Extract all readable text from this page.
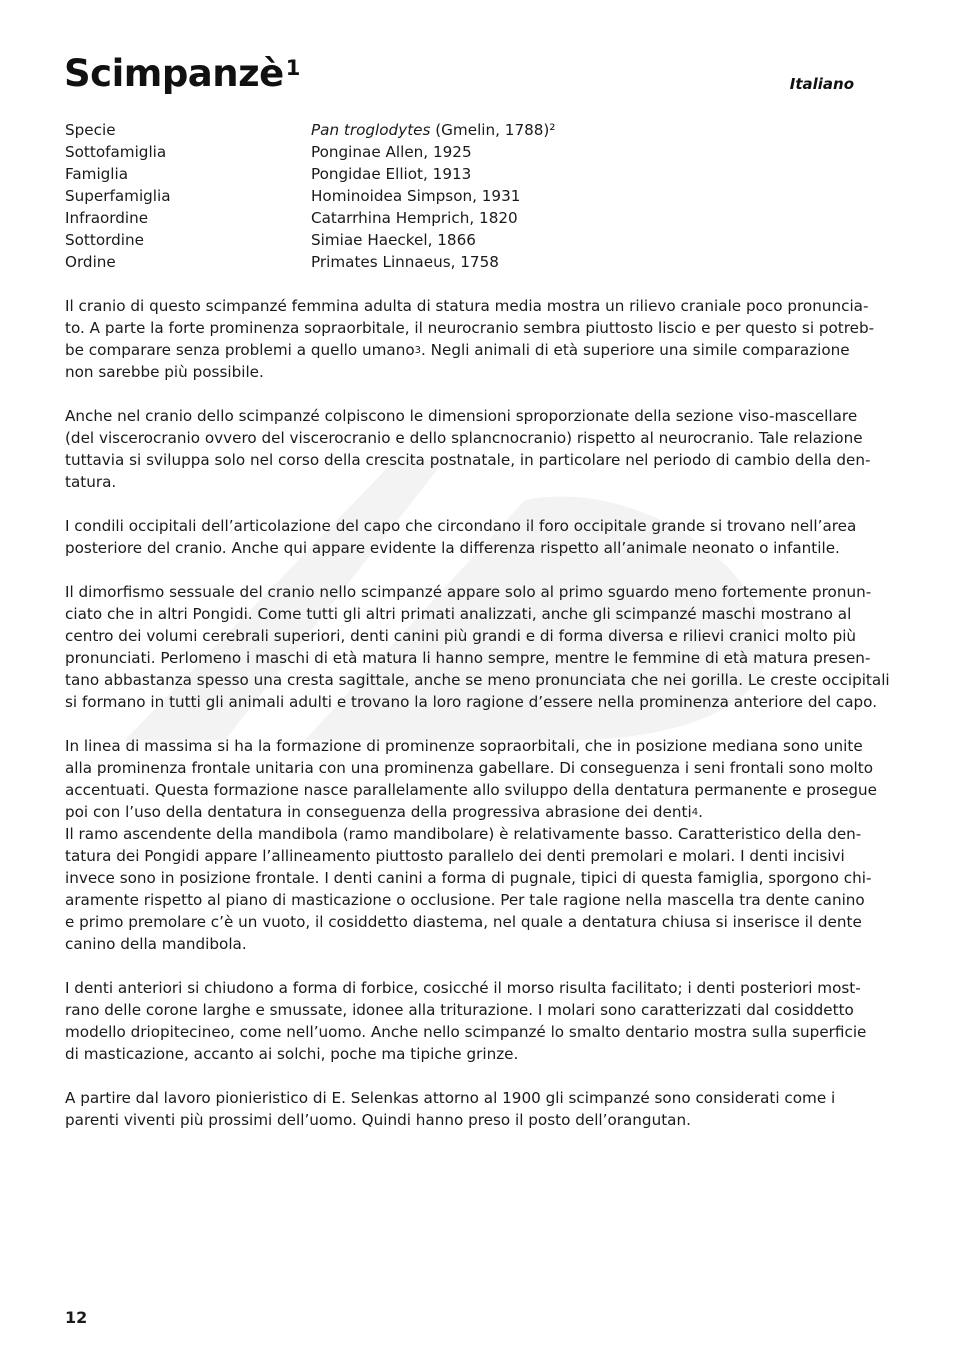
Scimpanzè$^1$
Italiano
Specie	Pan troglodytes (Gmelin, 1788)²
Sottofamiglia	Ponginae Allen, 1925
Famiglia	Pongidae Elliot, 1913
Superfamiglia	Hominoidea Simpson, 1931
Infraordine	Catarrhina Hemprich, 1820
Sottordine	Simiae Haeckel, 1866
Ordine	Primates Linnaeus, 1758

Il cranio di questo scimpanzé femmina adulta di statura media mostra un rilievo craniale poco pronuncia-
to. A parte la forte prominenza sopraorbitale, il neurocranio sembra piuttosto liscio e per questo si potreb-
be comparare senza problemi a quello umano$^3$. Negli animali di età superiore una simile comparazione
non sarebbe più possibile.

Anche nel cranio dello scimpanzé colpiscono le dimensioni sproporzionate della sezione viso-mascellare
(del viscerocranio ovvero del viscerocranio e dello splancnocranio) rispetto al neurocranio. Tale relazione
tuttavia si sviluppa solo nel corso della crescita postnatale, in particolare nel periodo di cambio della den-
tatura.

I condili occipitali dell’articolazione del capo che circondano il foro occipitale grande si trovano nell’area
posteriore del cranio. Anche qui appare evidente la differenza rispetto all’animale neonato o infantile.

Il dimorfismo sessuale del cranio nello scimpanzé appare solo al primo sguardo meno fortemente pronun-
ciato che in altri Pongidi. Come tutti gli altri primati analizzati, anche gli scimpanzé maschi mostrano al
centro dei volumi cerebrali superiori, denti canini più grandi e di forma diversa e rilievi cranici molto più
pronunciati. Perlomeno i maschi di età matura li hanno sempre, mentre le femmine di età matura presen-
tano abbastanza spesso una cresta sagittale, anche se meno pronunciata che nei gorilla. Le creste occipitali
si formano in tutti gli animali adulti e trovano la loro ragione d’essere nella prominenza anteriore del capo.

In linea di massima si ha la formazione di prominenze sopraorbitali, che in posizione mediana sono unite
alla prominenza frontale unitaria con una prominenza gabellare. Di conseguenza i seni frontali sono molto
accentuati. Questa formazione nasce parallelamente allo sviluppo della dentatura permanente e prosegue
poi con l’uso della dentatura in conseguenza della progressiva abrasione dei denti$^4$.

Il ramo ascendente della mandibola (ramo mandibolare) è relativamente basso. Caratteristico della den-
tatura dei Pongidi appare l’allineamento piuttosto parallelo dei denti premolari e molari. I denti incisivi
invece sono in posizione frontale. I denti canini a forma di pugnale, tipici di questa famiglia, sporgono chi-
aramente rispetto al piano di masticazione o occlusione. Per tale ragione nella mascella tra dente canino
e primo premolare c’è un vuoto, il cosiddetto diastema, nel quale a dentatura chiusa si inserisce il dente
canino della mandibola.

I denti anteriori si chiudono a forma di forbice, cosicché il morso risulta facilitato; i denti posteriori most-
rano delle corone larghe e smussate, idonee alla triturazione. I molari sono caratterizzati dal cosiddetto
modello driopitecineo, come nell’uomo. Anche nello scimpanzé lo smalto dentario mostra sulla superficie
di masticazione, accanto ai solchi, poche ma tipiche grinze.

A partire dal lavoro pionieristico di E. Selenkas attorno al 1900 gli scimpanzé sono considerati come i
parenti viventi più prossimi dell’uomo. Quindi hanno preso il posto dell’orangutan.

12
